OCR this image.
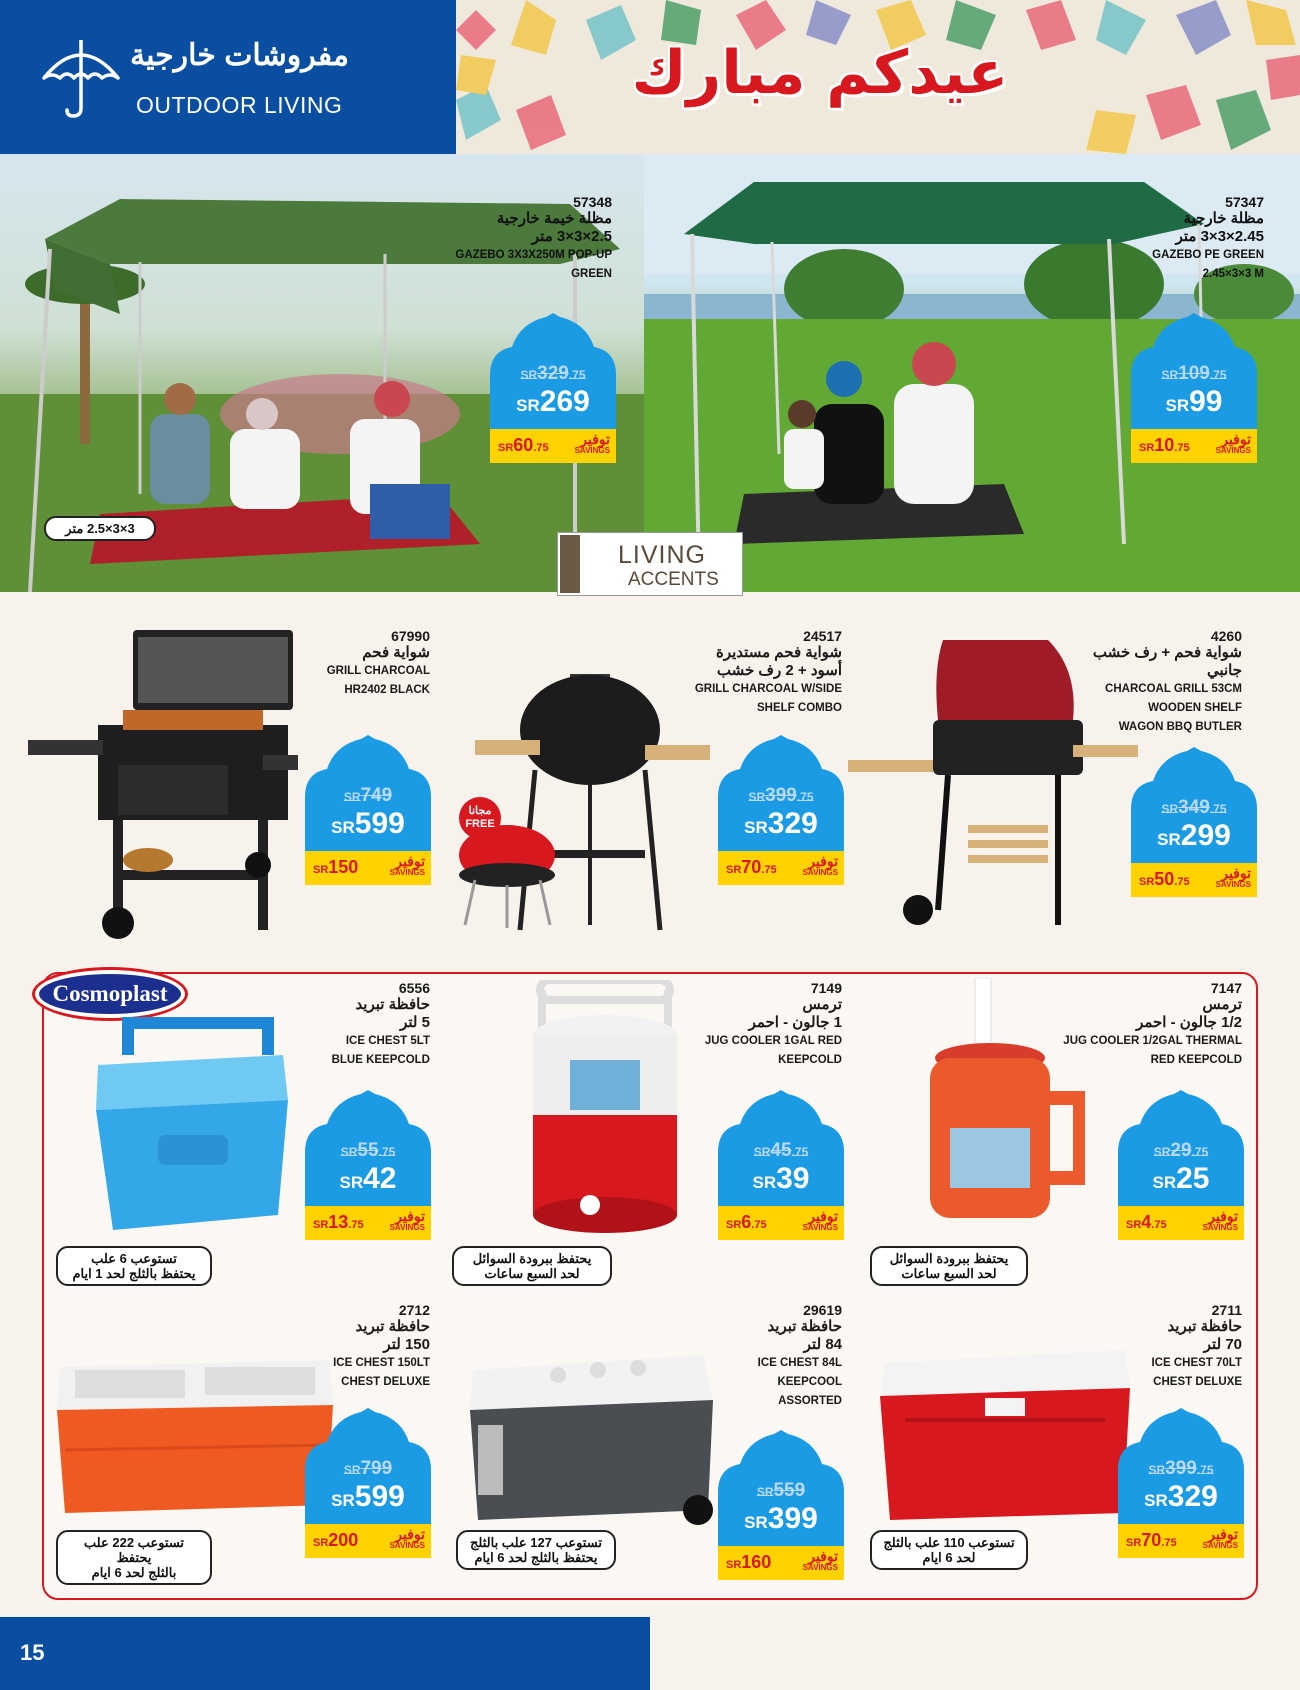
مفروشات خارجية
OUTDOOR LIVING	عيدكم مبارك
57348
مظلة خيمة خارجية
2.5×3×3 متر
GAZEBO 3X3X250M POP-UP
GREEN
3×3×2.5 متر
57347
مظلة خارجية
2.45×3×3 متر
GAZEBO PE GREEN
2.45×3×3 M
LIVING
ACCENTS
67990
شواية فحم
GRILL CHARCOAL
HR2402 BLACK
مجانا
FREE
24517
شواية فحم مستديرة
أسود + 2 رف خشب
GRILL CHARCOAL W/SIDE
SHELF COMBO
4260
شواية فحم + رف خشب
جانبي
CHARCOAL GRILL 53CM
WOODEN SHELF
WAGON BBQ BUTLER
Cosmoplast	6556
حافظة تبريد
5 لتر
ICE CHEST 5LT
BLUE KEEPCOLD
7149
ترمس
1 جالون - احمر
JUG COOLER 1GAL RED
KEEPCOLD
7147
ترمس
1/2 جالون - احمر
JUG COOLER 1/2GAL THERMAL
RED KEEPCOLD
تستوعب 6 علب
يحتفظ بالثلج لحد 1 ايام
يحتفظ ببرودة السوائل
لحد السبع ساعات
يحتفظ ببرودة السوائل
لحد السبع ساعات
2712
حافظة تبريد
150 لتر
ICE CHEST 150LT
CHEST DELUXE
29619
حافظة تبريد
84 لتر
ICE CHEST 84L
KEEPCOOL
ASSORTED
2711
حافظة تبريد
70 لتر
ICE CHEST 70LT
CHEST DELUXE
تستوعب 222 علب يحتفظ
بالثلج لحد 6 ايام
تستوعب 127 علب بالثلج
يحتفظ بالثلج لحد 6 ايام
تستوعب 110 علب بالثلج
لحد 6 ايام
SR329.75
SR269
SR60.75
توفير
SAVINGS
SR109.75
SR99
SR10.75
توفير
SAVINGS
SR749
SR599
SR150	توفير
SAVINGS
SR399.75
SR329
SR70.75
توفير
SAVINGS
SR349.75
SR299
SR50.75
توفير
SAVINGS
SR55.75
SR42
SR13.75
توفير
SAVINGS
SR45.75
SR39
SR6.75
توفير
SAVINGS
SR29.75
SR25
SR4.75
توفير
SAVINGS
SR799
SR599
SR200	توفير
SAVINGS
SR559
SR399
SR160	توفير
SAVINGS
SR399.75
SR329
SR70.75
توفير
SAVINGS
15
